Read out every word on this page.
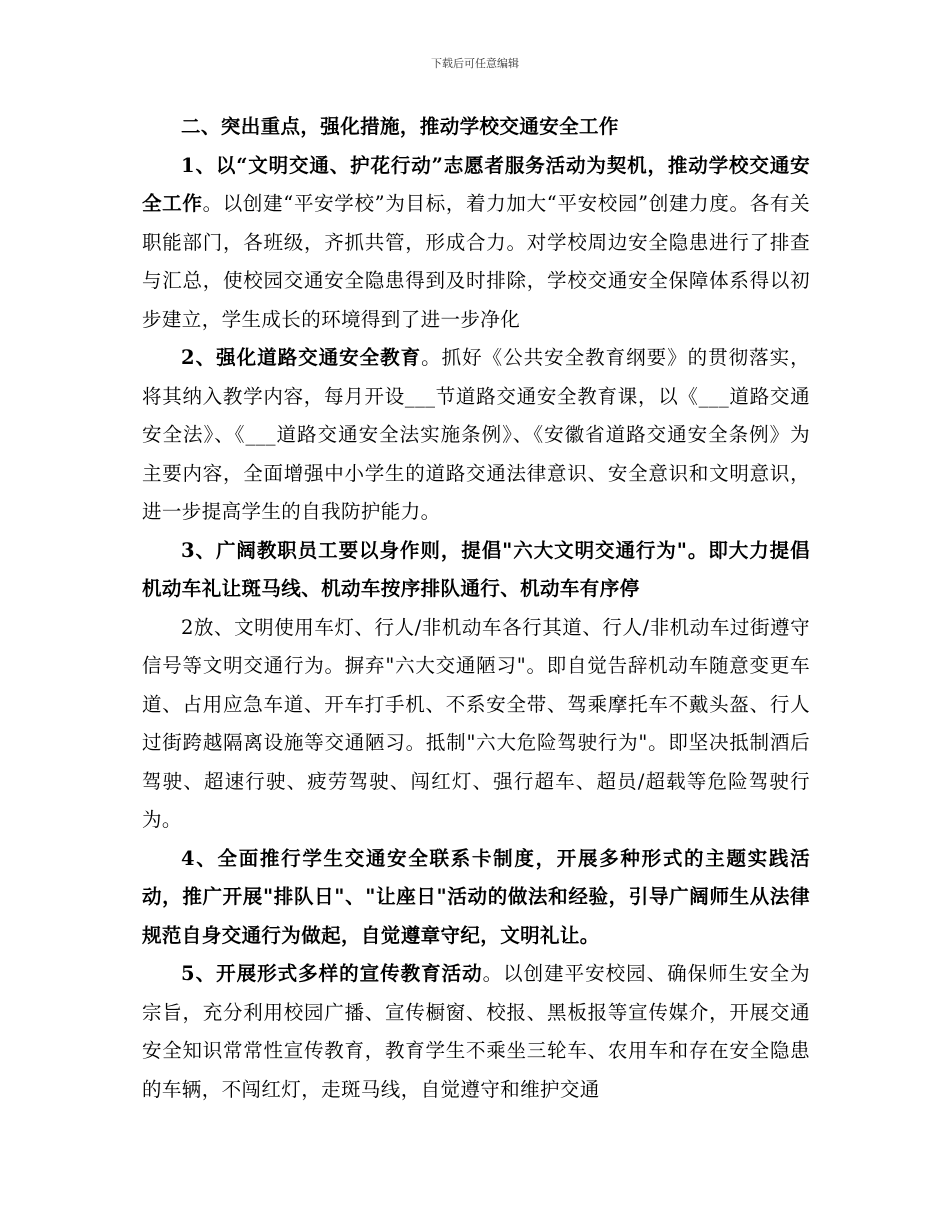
下载后可任意编辑

二、突出重点，强化措施，推动学校交通安全工作

1、以“文明交通、护花行动”志愿者服务活动为契机，推动学校交通安全工作。以创建“平安学校”为目标，着力加大“平安校园”创建力度。各有关职能部门，各班级，齐抓共管，形成合力。对学校周边安全隐患进行了排查与汇总，使校园交通安全隐患得到及时排除，学校交通安全保障体系得以初步建立，学生成长的环境得到了进一步净化

2、强化道路交通安全教育。抓好《公共安全教育纲要》的贯彻落实，将其纳入教学内容，每月开设___节道路交通安全教育课，以《___道路交通安全法》、《___道路交通安全法实施条例》、《安徽省道路交通安全条例》为主要内容，全面增强中小学生的道路交通法律意识、安全意识和文明意识，进一步提高学生的自我防护能力。

3、广阔教职员工要以身作则，提倡"六大文明交通行为"。即大力提倡机动车礼让斑马线、机动车按序排队通行、机动车有序停

2放、文明使用车灯、行人/非机动车各行其道、行人/非机动车过街遵守信号等文明交通行为。摒弃"六大交通陋习"。即自觉告辞机动车随意变更车道、占用应急车道、开车打手机、不系安全带、驾乘摩托车不戴头盔、行人过街跨越隔离设施等交通陋习。抵制"六大危险驾驶行为"。即坚决抵制酒后驾驶、超速行驶、疲劳驾驶、闯红灯、强行超车、超员/超载等危险驾驶行为。

4、全面推行学生交通安全联系卡制度，开展多种形式的主题实践活动，推广开展"排队日"、"让座日"活动的做法和经验，引导广阔师生从法律规范自身交通行为做起，自觉遵章守纪，文明礼让。

5、开展形式多样的宣传教育活动。以创建平安校园、确保师生安全为宗旨，充分利用校园广播、宣传橱窗、校报、黑板报等宣传媒介，开展交通安全知识常常性宣传教育，教育学生不乘坐三轮车、农用车和存在安全隐患的车辆，不闯红灯，走斑马线，自觉遵守和维护交通
